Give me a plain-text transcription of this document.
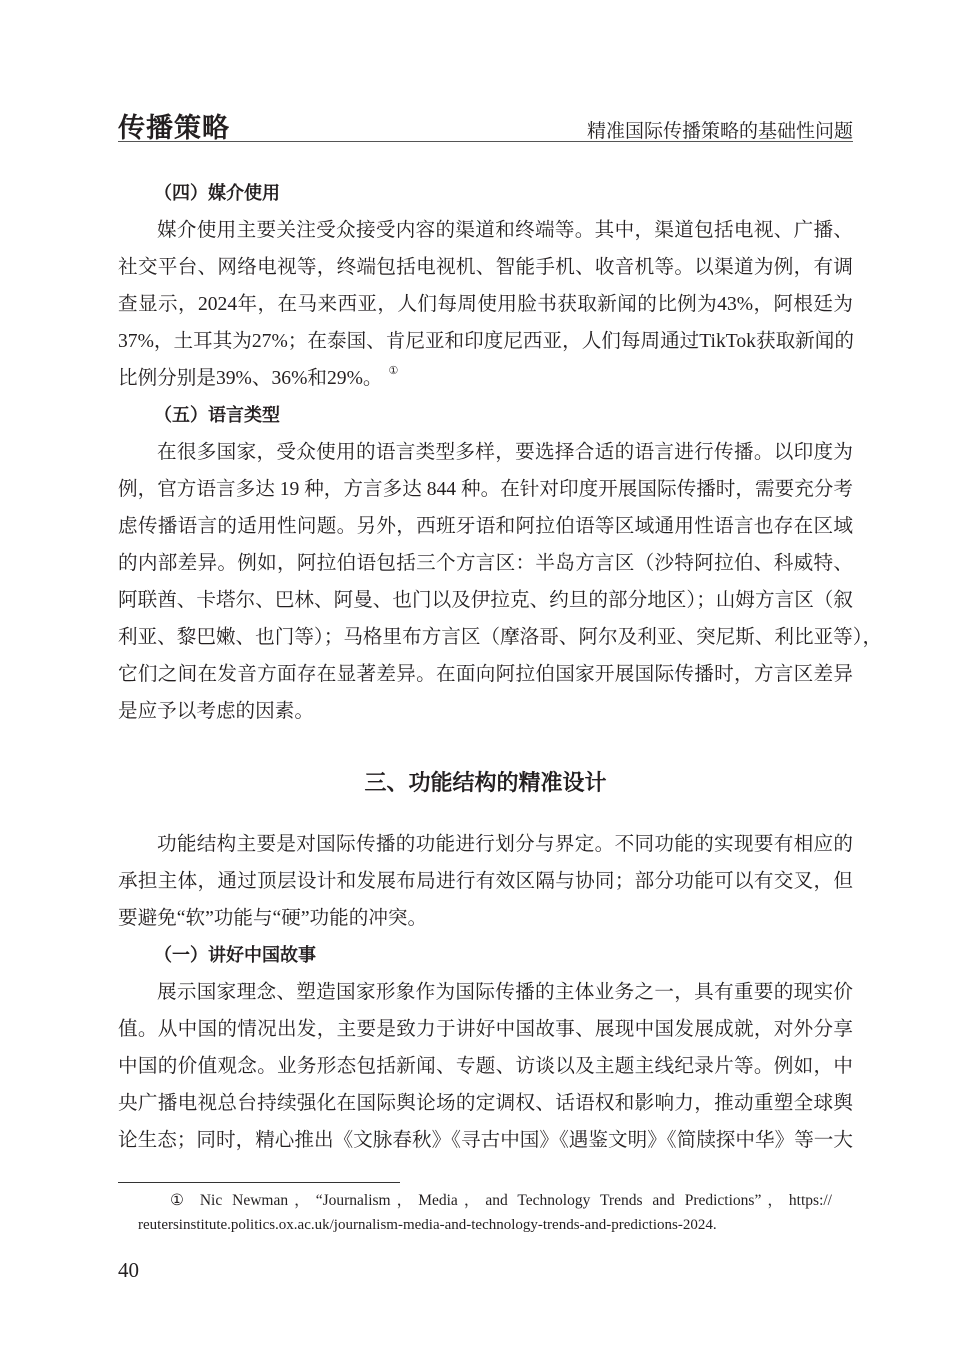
传播策略	精准国际传播策略的基础性问题
（四）媒介使用
媒介使用主要关注受众接受内容的渠道和终端等。其中，渠道包括电视、广播、
社交平台、网络电视等，终端包括电视机、智能手机、收音机等。以渠道为例，有调
查显示，2024年，在马来西亚，人们每周使用脸书获取新闻的比例为43%，阿根廷为
37%，土耳其为27%；在泰国、肯尼亚和印度尼西亚，人们每周通过TikTok获取新闻的
比例分别是39%、36%和29%。 ①
（五）语言类型
在很多国家，受众使用的语言类型多样，要选择合适的语言进行传播。以印度为
例，官方语言多达 19 种，方言多达 844 种。在针对印度开展国际传播时，需要充分考
虑传播语言的适用性问题。另外，西班牙语和阿拉伯语等区域通用性语言也存在区域
的内部差异。例如，阿拉伯语包括三个方言区：半岛方言区（沙特阿拉伯、科威特、
阿联酋、卡塔尔、巴林、阿曼、也门以及伊拉克、约旦的部分地区）；山姆方言区（叙
利亚、黎巴嫩、也门等）；马格里布方言区（摩洛哥、阿尔及利亚、突尼斯、利比亚等），
它们之间在发音方面存在显著差异。在面向阿拉伯国家开展国际传播时，方言区差异
是应予以考虑的因素。
三、功能结构的精准设计
功能结构主要是对国际传播的功能进行划分与界定。不同功能的实现要有相应的
承担主体，通过顶层设计和发展布局进行有效区隔与协同；部分功能可以有交叉，但
要避免“软”功能与“硬”功能的冲突。
（一）讲好中国故事
展示国家理念、塑造国家形象作为国际传播的主体业务之一，具有重要的现实价
值。从中国的情况出发，主要是致力于讲好中国故事、展现中国发展成就，对外分享
中国的价值观念。业务形态包括新闻、专题、访谈以及主题主线纪录片等。例如，中
央广播电视总台持续强化在国际舆论场的定调权、话语权和影响力，推动重塑全球舆
论生态；同时，精心推出《文脉春秋》《寻古中国》《遇鉴文明》《简牍探中华》等一大
① Nic Newman，“Journalism，Media，and Technology Trends and Predictions”，https://
reutersinstitute.politics.ox.ac.uk/journalism-media-and-technology-trends-and-predictions-2024.
40
